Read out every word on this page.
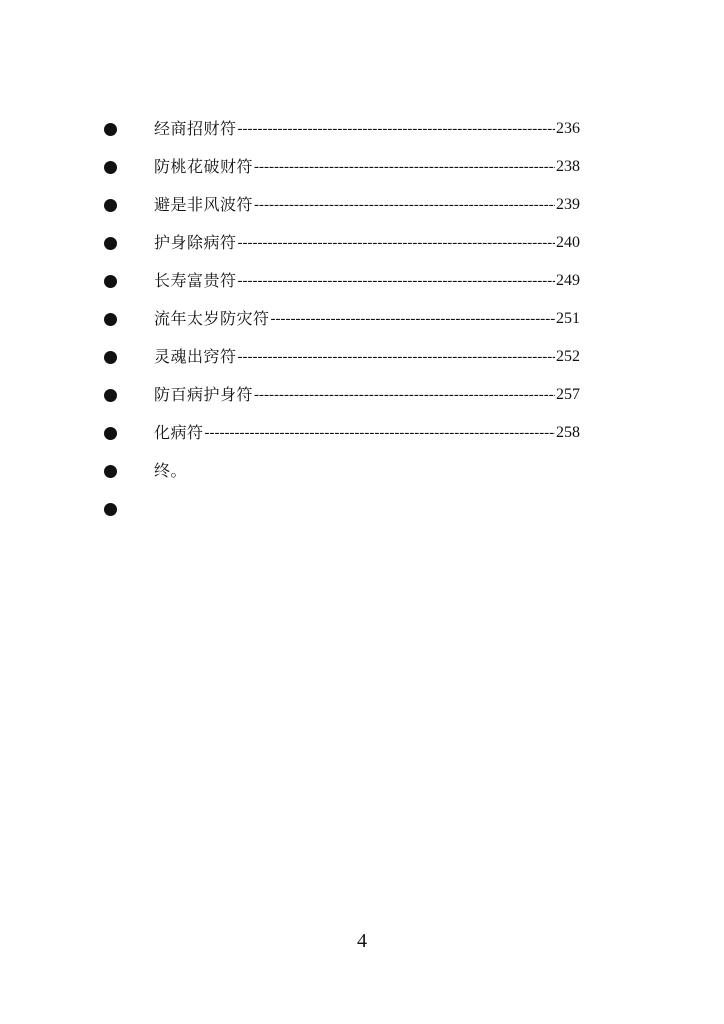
经商招财符 -----	236
防桃花破财符 -----	238
避是非风波符 -----	239
护身除病符 -----	240
长寿富贵符 -----	249
流年太岁防灾符 -----	251
灵魂出窍符 -----	252
防百病护身符 -----	257
化病符 -----	258
终。
4
